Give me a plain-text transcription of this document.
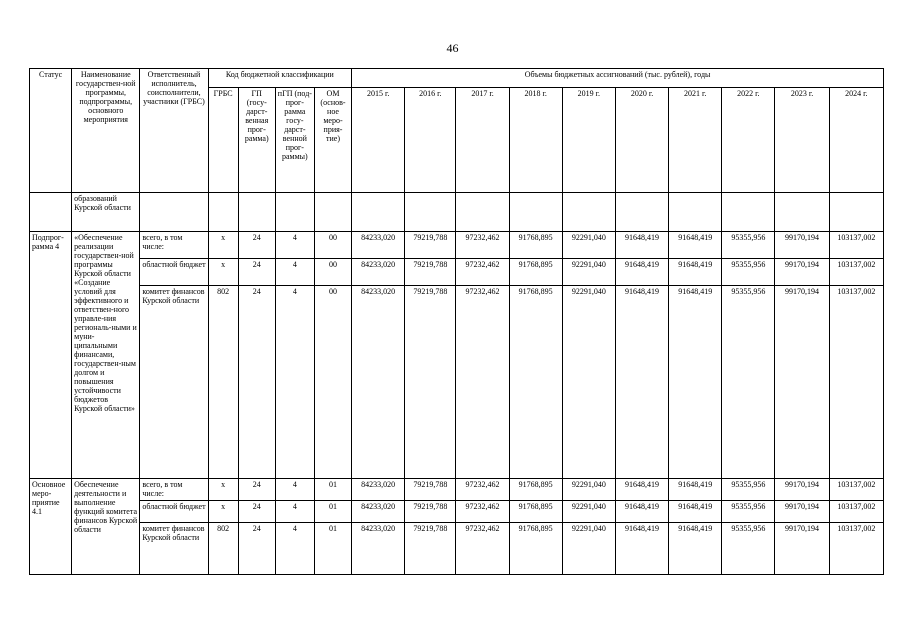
46
Статус	Наименование государствен-ной программы, подпрограммы, основного мероприятия	Ответственный исполнитель, соисполнители, участники (ГРБС)	Код бюджетной классификации				Объемы бюджетных ассигнований (тыс. рублей), годы									
			ГРБС	ГП (госу-дарст-венная прог-рамма)	пГП (под-прог-рамма госу-дарст-венной прог-раммы)	ОМ (основ-ное меро-прия-тие)	2015 г.	2016 г.	2017 г.	2018 г.	2019 г.	2020 г.	2021 г.	2022 г.	2023 г.	2024 г.
	образований Курской области															
Подпрог-рамма 4	«Обеспечение реализации государствен-ной программы Курской области «Создание условий для эффективного и ответствен-ного управле-ния региональ-ными и муни-ципальными финансами, государствен-ным долгом и повышения устойчивости бюджетов Курской области»	всего, в том числе:	х	24	4	00	84233,020	79219,788	97232,462	91768,895	92291,040	91648,419	91648,419	95355,956	99170,194	103137,002
		областной бюджет	х	24	4	00	84233,020	79219,788	97232,462	91768,895	92291,040	91648,419	91648,419	95355,956	99170,194	103137,002
		комитет финансов Курской области	802	24	4	00	84233,020	79219,788	97232,462	91768,895	92291,040	91648,419	91648,419	95355,956	99170,194	103137,002
Основное меро-приятие 4.1	Обеспечение деятельности и выполнение функций комитета финансов Курской области	всего, в том числе:	х	24	4	01	84233,020	79219,788	97232,462	91768,895	92291,040	91648,419	91648,419	95355,956	99170,194	103137,002
		областной бюджет	х	24	4	01	84233,020	79219,788	97232,462	91768,895	92291,040	91648,419	91648,419	95355,956	99170,194	103137,002
		комитет финансов Курской области	802	24	4	01	84233,020	79219,788	97232,462	91768,895	92291,040	91648,419	91648,419	95355,956	99170,194	103137,002
